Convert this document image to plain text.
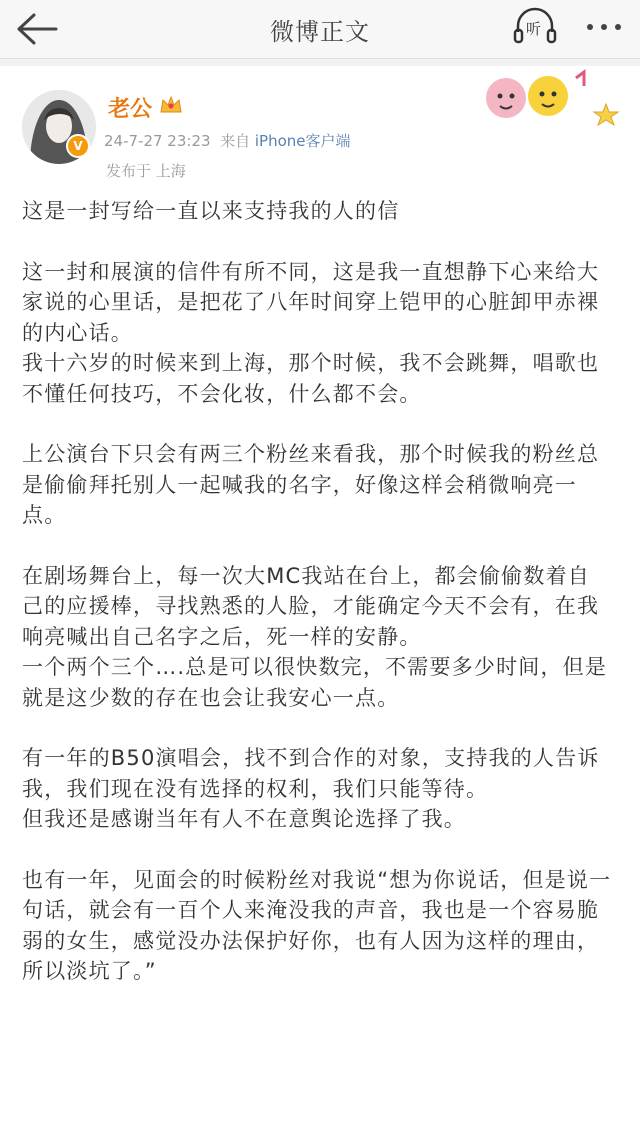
微博正文	听
V
老公
24-7-27 23:23 来自 iPhone客户端
发布于 上海

这是一封写给一直以来支持我的人的信

这一封和展演的信件有所不同，这是我一直想静下心来给大家说的心里话，是把花了八年时间穿上铠甲的心脏卸甲赤裸的内心话。
我十六岁的时候来到上海，那个时候，我不会跳舞，唱歌也不懂任何技巧，不会化妆，什么都不会。

上公演台下只会有两三个粉丝来看我，那个时候我的粉丝总是偷偷拜托别人一起喊我的名字，好像这样会稍微响亮一点。

在剧场舞台上，每一次大MC我站在台上，都会偷偷数着自己的应援棒，寻找熟悉的人脸，才能确定今天不会有，在我响亮喊出自己名字之后，死一样的安静。
一个两个三个….总是可以很快数完，不需要多少时间，但是就是这少数的存在也会让我安心一点。

有一年的B50演唱会，找不到合作的对象，支持我的人告诉我，我们现在没有选择的权利，我们只能等待。
但我还是感谢当年有人不在意舆论选择了我。

也有一年，见面会的时候粉丝对我说“想为你说话，但是说一句话，就会有一百个人来淹没我的声音，我也是一个容易脆弱的女生，感觉没办法保护好你，也有人因为这样的理由，所以淡坑了。”
